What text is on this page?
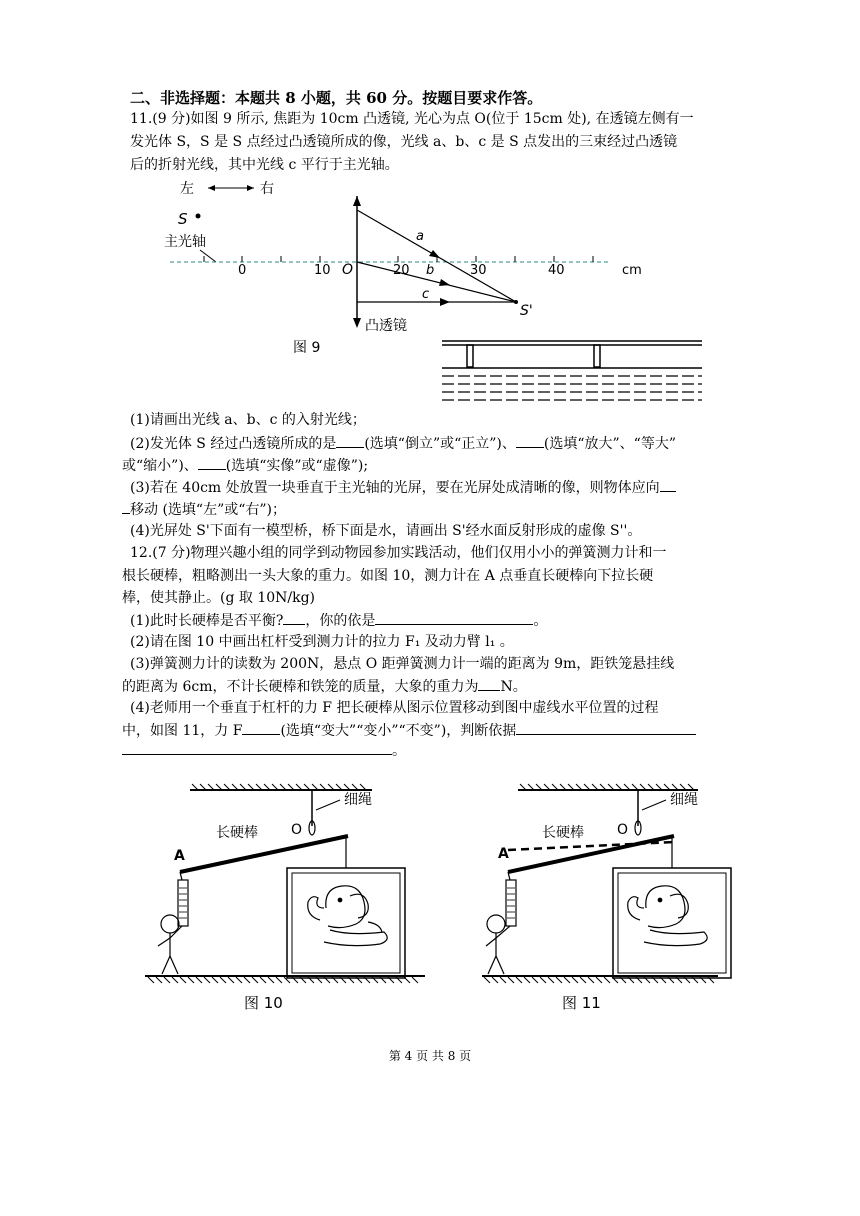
二、非选择题：本题共 8 小题，共 60 分。按题目要求作答。
11.(9 分)如图 9 所示, 焦距为 10cm 凸透镜, 光心为点 O(位于 15cm 处), 在透镜左侧有一
发光体 S，S 是 S 点经过凸透镜所成的像，光线 a、b、c 是 S 点发出的三束经过凸透镜
后的折射光线，其中光线 c 平行于主光轴。
左	右
S
主光轴
0	10	20	30	40	cm
O
a
b
c
S'
凸透镜
图 9
(1)请画出光线 a、b、c 的入射光线；
(2)发光体 S 经过凸透镜所成的是 (选填“倒立”或“正立”)、 (选填“放大”、“等大”
或“缩小”)、 (选填“实像”或“虚像”);
(3)若在 40cm 处放置一块垂直于主光轴的光屏，要在光屏处成清晰的像，则物体应向
移动 (选填“左”或“右”)；
(4)光屏处 S'下面有一模型桥，桥下面是水，请画出 S'经水面反射形成的虚像 S''。
12.(7 分)物理兴趣小组的同学到动物园参加实践活动，他们仅用小小的弹簧测力计和一
根长硬棒，粗略测出一头大象的重力。如图 10，测力计在 A 点垂直长硬棒向下拉长硬
棒，使其静止。(g 取 10N/kg)
(1)此时长硬棒是否平衡? ，你的依是	。
(2)请在图 10 中画出杠杆受到测力计的拉力 F₁ 及动力臂 l₁ 。
(3)弹簧测力计的读数为 200N，悬点 O 距弹簧测力计一端的距离为 9m，距铁笼悬挂线
的距离为 6cm，不计长硬棒和铁笼的质量，大象的重力为 N。
(4)老师用一个垂直于杠杆的力 F 把长硬棒从图示位置移动到图中虚线水平位置的过程
中，如图 11，力 F	(选填“变大”“变小”“不变”)，判断依据
。
细绳
长硬棒 O
A
图 10
细绳
长硬棒 O
A
图 11
第 4 页 共 8 页
